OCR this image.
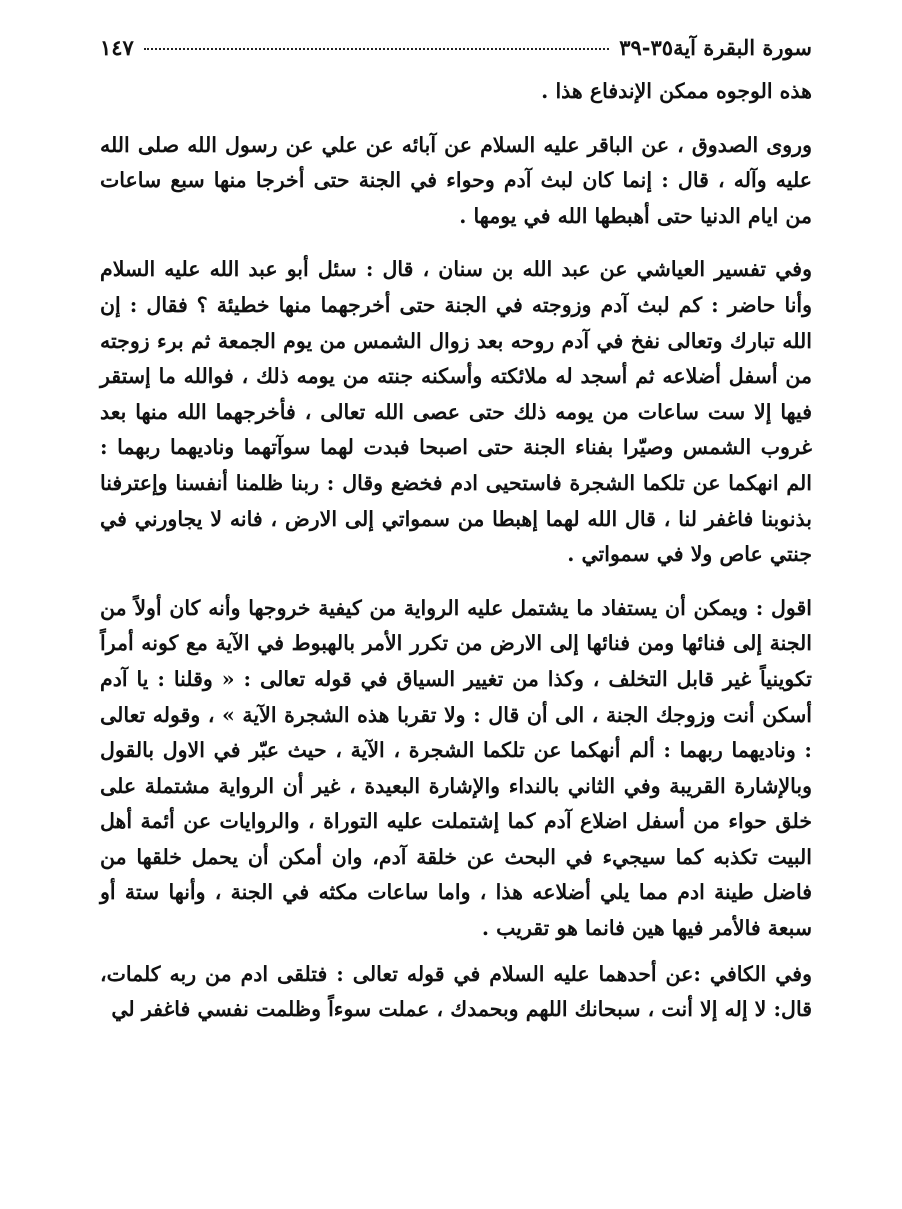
سورة البقرة آية٣٥-٣٩
١٤٧

هذه الوجوه ممكن الإندفاع هذا .

وروى الصدوق ، عن الباقر عليه السلام عن آبائه عن علي عن رسول الله صلى الله عليه وآله ، قال : إنما كان لبث آدم وحواء في الجنة حتى أخرجا منها سبع ساعات من ايام الدنيا حتى أهبطها الله في يومها .

وفي تفسير العياشي عن عبد الله بن سنان ، قال : سئل أبو عبد الله عليه السلام وأنا حاضر : كم لبث آدم وزوجته في الجنة حتى أخرجهما منها خطيئة ؟ فقال : إن الله تبارك وتعالى نفخ في آدم روحه بعد زوال الشمس من يوم الجمعة ثم برء زوجته من أسفل أضلاعه ثم أسجد له ملائكته وأسكنه جنته من يومه ذلك ، فوالله ما إستقر فيها إلا ست ساعات من يومه ذلك حتى عصى الله تعالى ، فأخرجهما الله منها بعد غروب الشمس وصيّرا بفناء الجنة حتى اصبحا فبدت لهما سوآتهما وناديهما ربهما : الم انهكما عن تلكما الشجرة فاستحيى ادم فخضع وقال : ربنا ظلمنا أنفسنا وإعترفنا بذنوبنا فاغفر لنا ، قال الله لهما إهبطا من سمواتي إلى الارض ، فانه لا يجاورني في جنتي عاص ولا في سمواتي .

اقول : ويمكن أن يستفاد ما يشتمل عليه الرواية من كيفية خروجها وأنه كان أولاً من الجنة إلى فنائها ومن فنائها إلى الارض من تكرر الأمر بالهبوط في الآية مع كونه أمراً تكوينياً غير قابل التخلف ، وكذا من تغيير السياق في قوله تعالى : « وقلنا : يا آدم أسكن أنت وزوجك الجنة ، الى أن قال : ولا تقربا هذه الشجرة الآية » ، وقوله تعالى : وناديهما ربهما : ألم أنهكما عن تلكما الشجرة ، الآية ، حيث عبّر في الاول بالقول وبالإشارة القريبة وفي الثاني بالنداء والإشارة البعيدة ، غير أن الرواية مشتملة على خلق حواء من أسفل اضلاع آدم كما إشتملت عليه التوراة ، والروايات عن أئمة أهل البيت تكذبه كما سيجيء في البحث عن خلقة آدم، وان أمكن أن يحمل خلقها من فاضل طينة ادم مما يلي أضلاعه هذا ، واما ساعات مكثه في الجنة ، وأنها ستة أو سبعة فالأمر فيها هين فانما هو تقريب .

وفي الكافي :عن أحدهما عليه السلام في قوله تعالى : فتلقى ادم من ربه كلمات، قال: لا إله إلا أنت ، سبحانك اللهم وبحمدك ، عملت سوءاً وظلمت نفسي فاغفر لي
